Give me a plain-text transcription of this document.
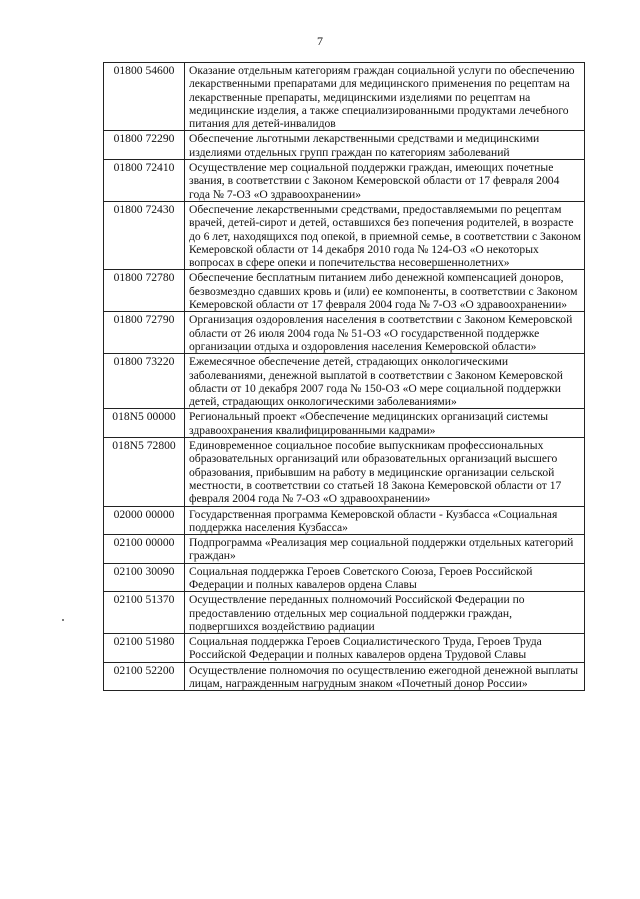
7
01800 54600	Оказание отдельным категориям граждан социальной услуги по обеспечению лекарственными препаратами для медицинского применения по рецептам на лекарственные препараты, медицинскими изделиями по рецептам на медицинские изделия, а также специализированными продуктами лечебного питания для детей-инвалидов
01800 72290	Обеспечение льготными лекарственными средствами и медицинскими изделиями отдельных групп граждан по категориям заболеваний
01800 72410	Осуществление мер социальной поддержки граждан, имеющих почетные звания, в соответствии с Законом Кемеровской области от 17 февраля 2004 года № 7-ОЗ «О здравоохранении»
01800 72430	Обеспечение лекарственными средствами, предоставляемыми по рецептам врачей, детей-сирот и детей, оставшихся без попечения родителей, в возрасте до 6 лет, находящихся под опекой, в приемной семье, в соответствии с Законом Кемеровской области от 14 декабря 2010 года № 124-ОЗ «О некоторых вопросах в сфере опеки и попечительства несовершеннолетних»
01800 72780	Обеспечение бесплатным питанием либо денежной компенсацией доноров, безвозмездно сдавших кровь и (или) ее компоненты, в соответствии с Законом Кемеровской области от 17 февраля 2004 года № 7-ОЗ «О здравоохранении»
01800 72790	Организация оздоровления населения в соответствии с Законом Кемеровской области от 26 июля 2004 года № 51-ОЗ «О государственной поддержке организации отдыха и оздоровления населения Кемеровской области»
01800 73220	Ежемесячное обеспечение детей, страдающих онкологическими заболеваниями, денежной выплатой в соответствии с Законом Кемеровской области от 10 декабря 2007 года № 150-ОЗ «О мере социальной поддержки детей, страдающих онкологическими заболеваниями»
018N5 00000	Региональный проект «Обеспечение медицинских организаций системы здравоохранения квалифицированными кадрами»
018N5 72800	Единовременное социальное пособие выпускникам профессиональных образовательных организаций или образовательных организаций высшего образования, прибывшим на работу в медицинские организации сельской местности, в соответствии со статьей 18 Закона Кемеровской области от 17 февраля 2004 года № 7-ОЗ «О здравоохранении»
02000 00000	Государственная программа Кемеровской области - Кузбасса «Социальная поддержка населения Кузбасса»
02100 00000	Подпрограмма «Реализация мер социальной поддержки отдельных категорий граждан»
02100 30090	Социальная поддержка Героев Советского Союза, Героев Российской Федерации и полных кавалеров ордена Славы
02100 51370	Осуществление переданных полномочий Российской Федерации по предоставлению отдельных мер социальной поддержки граждан, подвергшихся воздействию радиации
02100 51980	Социальная поддержка Героев Социалистического Труда, Героев Труда Российской Федерации и полных кавалеров ордена Трудовой Славы
02100 52200	Осуществление полномочия по осуществлению ежегодной денежной выплаты лицам, награжденным нагрудным знаком «Почетный донор России»
